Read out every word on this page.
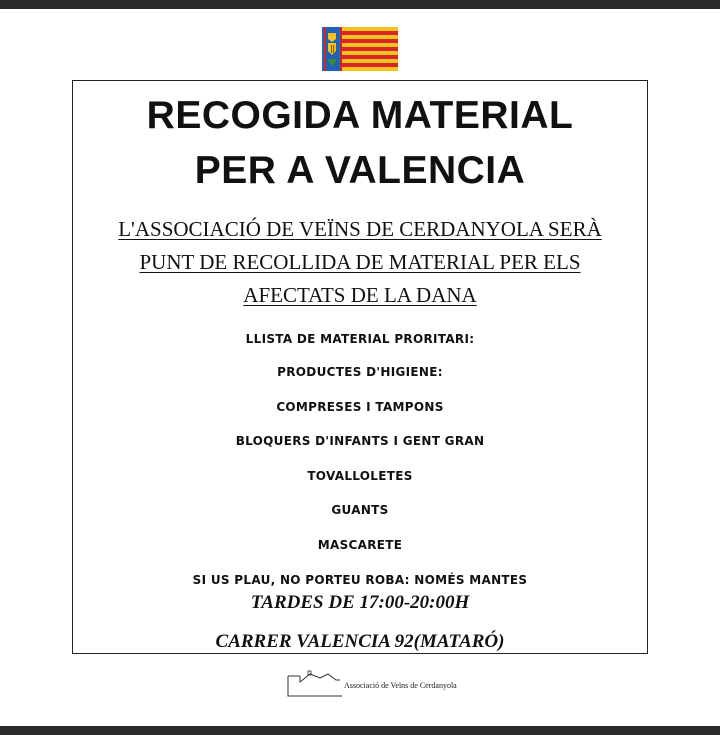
RECOGIDA MATERIAL
PER A VALENCIA
L'ASSOCIACIÓ DE VEÏNS DE CERDANYOLA SERÀ
PUNT DE RECOLLIDA DE MATERIAL PER ELS
AFECTATS DE LA DANA
LLISTA DE MATERIAL PRORITARI:
PRODUCTES D'HIGIENE:
COMPRESES I TAMPONS
BLOQUERS D'INFANTS I GENT GRAN
TOVALLOLETES
GUANTS
MASCARETE
SI US PLAU, NO PORTEU ROBA: NOMÉS MANTES
TARDES DE 17:00-20:00H
CARRER VALENCIA 92(MATARÓ)
Associació de Veïns de Cerdanyola
